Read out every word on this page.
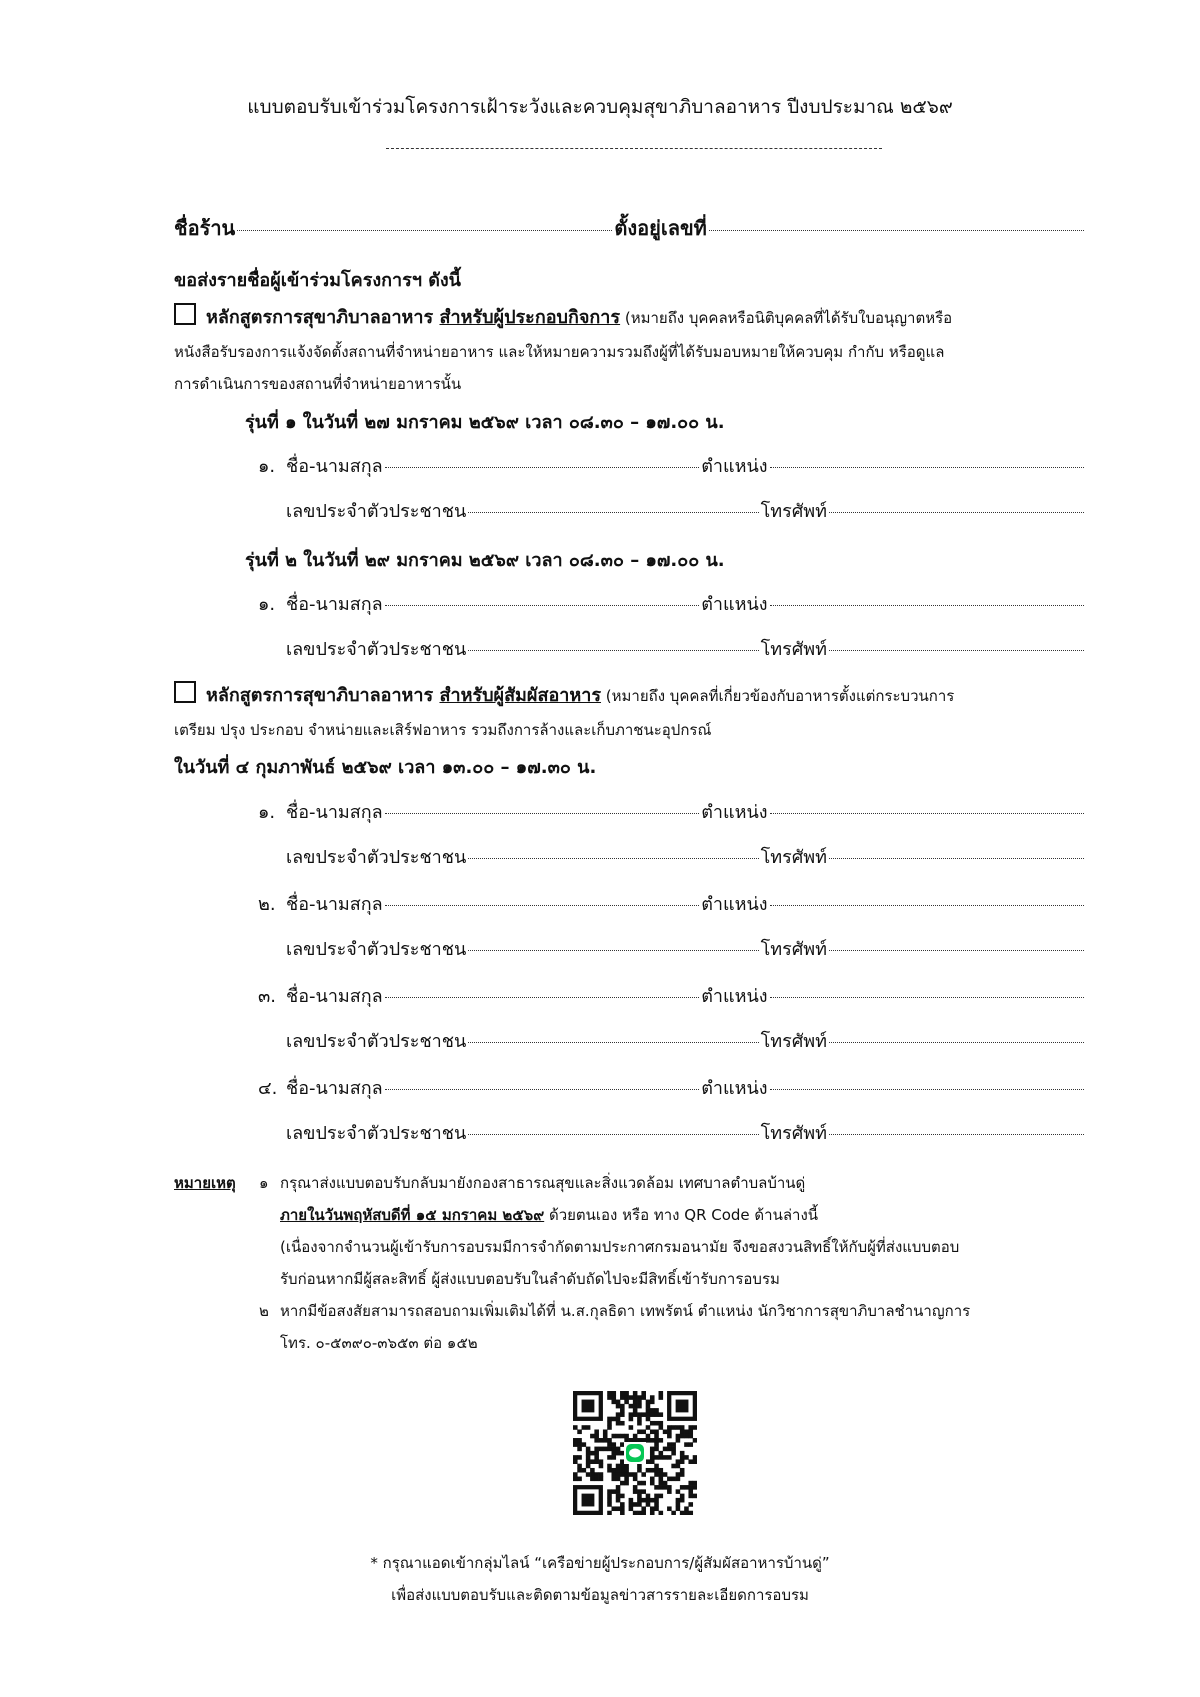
แบบตอบรับเข้าร่วมโครงการเฝ้าระวังและควบคุมสุขาภิบาลอาหาร ปีงบประมาณ ๒๕๖๙
ชื่อร้าน	ตั้งอยู่เลขที่
ขอส่งรายชื่อผู้เข้าร่วมโครงการฯ ดังนี้
หลักสูตรการสุขาภิบาลอาหาร สำหรับผู้ประกอบกิจการ (หมายถึง บุคคลหรือนิติบุคคลที่ได้รับใบอนุญาตหรือ
หนังสือรับรองการแจ้งจัดตั้งสถานที่จำหน่ายอาหาร และให้หมายความรวมถึงผู้ที่ได้รับมอบหมายให้ควบคุม กำกับ หรือดูแล
การดำเนินการของสถานที่จำหน่ายอาหารนั้น
รุ่นที่ ๑ ในวันที่ ๒๗ มกราคม ๒๕๖๙ เวลา ๐๘.๓๐ – ๑๗.๐๐ น.
๑. ชื่อ-นามสกุล	ตำแหน่ง
เลขประจำตัวประชาชน	โทรศัพท์
รุ่นที่ ๒ ในวันที่ ๒๙ มกราคม ๒๕๖๙ เวลา ๐๘.๓๐ – ๑๗.๐๐ น.
๑. ชื่อ-นามสกุล	ตำแหน่ง
เลขประจำตัวประชาชน	โทรศัพท์
หลักสูตรการสุขาภิบาลอาหาร สำหรับผู้สัมผัสอาหาร (หมายถึง บุคคลที่เกี่ยวข้องกับอาหารตั้งแต่กระบวนการ
เตรียม ปรุง ประกอบ จำหน่ายและเสิร์ฟอาหาร รวมถึงการล้างและเก็บภาชนะอุปกรณ์
ในวันที่ ๔ กุมภาพันธ์ ๒๕๖๙ เวลา ๑๓.๐๐ – ๑๗.๓๐ น.
๑. ชื่อ-นามสกุล	ตำแหน่ง
เลขประจำตัวประชาชน	โทรศัพท์
๒. ชื่อ-นามสกุล	ตำแหน่ง
เลขประจำตัวประชาชน	โทรศัพท์
๓. ชื่อ-นามสกุล	ตำแหน่ง
เลขประจำตัวประชาชน	โทรศัพท์
๔. ชื่อ-นามสกุล	ตำแหน่ง
เลขประจำตัวประชาชน	โทรศัพท์
หมายเหตุ ๑ กรุณาส่งแบบตอบรับกลับมายังกองสาธารณสุขและสิ่งแวดล้อม เทศบาลตำบลบ้านดู่
ภายในวันพฤหัสบดีที่ ๑๕ มกราคม ๒๕๖๙ ด้วยตนเอง หรือ ทาง QR Code ด้านล่างนี้
(เนื่องจากจำนวนผู้เข้ารับการอบรมมีการจำกัดตามประกาศกรมอนามัย จึงขอสงวนสิทธิ์ให้กับผู้ที่ส่งแบบตอบ
รับก่อนหากมีผู้สละสิทธิ์ ผู้ส่งแบบตอบรับในลำดับถัดไปจะมีสิทธิ์เข้ารับการอบรม
๒ หากมีข้อสงสัยสามารถสอบถามเพิ่มเติมได้ที่ น.ส.กุลธิดา เทพรัตน์ ตำแหน่ง นักวิชาการสุขาภิบาลชำนาญการ
โทร. ๐-๕๓๙๐-๓๖๕๓ ต่อ ๑๕๒
* กรุณาแอดเข้ากลุ่มไลน์ “เครือข่ายผู้ประกอบการ/ผู้สัมผัสอาหารบ้านดู่”
เพื่อส่งแบบตอบรับและติดตามข้อมูลข่าวสารรายละเอียดการอบรม
